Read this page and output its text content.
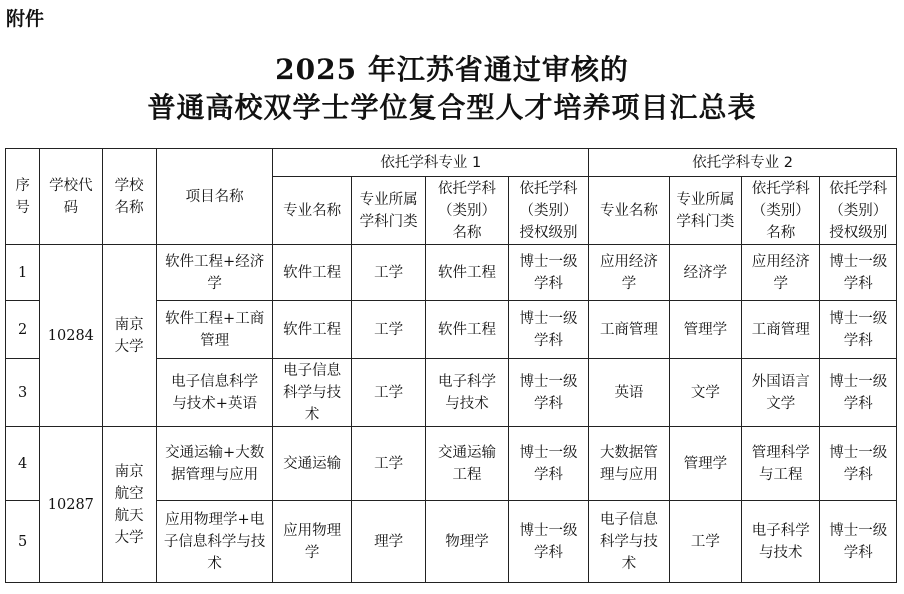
附件
2025 年江苏省通过审核的
普通高校双学士学位复合型人才培养项目汇总表
序号	学校代码	学校名称	项目名称	依托学科专业 1				依托学科专业 2			
				专业名称	专业所属学科门类	依托学科（类别）名称	依托学科（类别）授权级别	专业名称	专业所属学科门类	依托学科（类别）名称	依托学科（类别）授权级别

1	10284	南京大学	软件工程+经济学	软件工程	工学	软件工程	博士一级学科	应用经济学	经济学	应用经济学	博士一级学科

2			软件工程+工商管理	软件工程	工学	软件工程	博士一级学科	工商管理	管理学	工商管理	博士一级学科

3			电子信息科学与技术+英语	电子信息科学与技术	工学	电子科学与技术	博士一级学科	英语	文学	外国语言文学	博士一级学科

4	10287	南京航空航天大学	交通运输+大数据管理与应用	交通运输	工学	交通运输工程	博士一级学科	大数据管理与应用	管理学	管理科学与工程	博士一级学科

5			应用物理学+电子信息科学与技术	应用物理学	理学	物理学	博士一级学科	电子信息科学与技术	工学	电子科学与技术	博士一级学科
